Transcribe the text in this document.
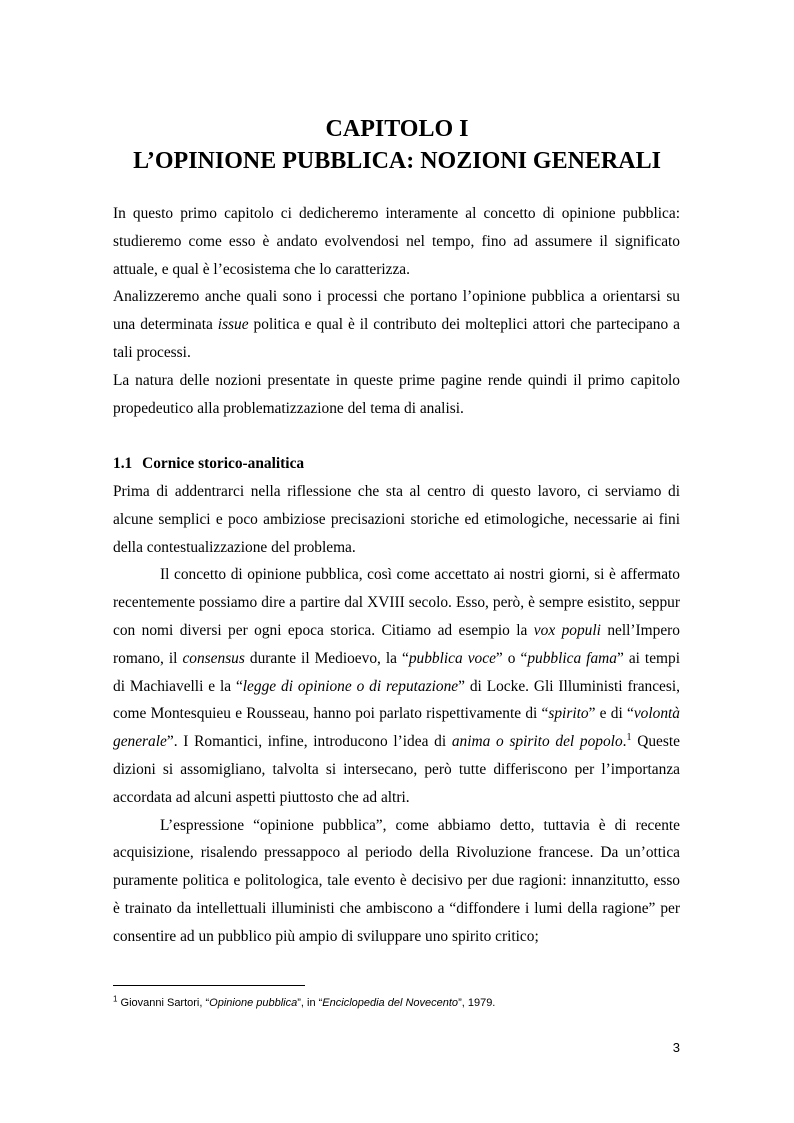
CAPITOLO I
L’OPINIONE PUBBLICA: NOZIONI GENERALI

In questo primo capitolo ci dedicheremo interamente al concetto di opinione pubblica: studieremo come esso è andato evolvendosi nel tempo, fino ad assumere il significato attuale, e qual è l’ecosistema che lo caratterizza.

Analizzeremo anche quali sono i processi che portano l’opinione pubblica a orientarsi su una determinata issue politica e qual è il contributo dei molteplici attori che partecipano a tali processi.

La natura delle nozioni presentate in queste prime pagine rende quindi il primo capitolo propedeutico alla problematizzazione del tema di analisi.

1.1 Cornice storico-analitica

Prima di addentrarci nella riflessione che sta al centro di questo lavoro, ci serviamo di alcune semplici e poco ambiziose precisazioni storiche ed etimologiche, necessarie ai fini della contestualizzazione del problema.

Il concetto di opinione pubblica, così come accettato ai nostri giorni, si è affermato recentemente possiamo dire a partire dal XVIII secolo. Esso, però, è sempre esistito, seppur con nomi diversi per ogni epoca storica. Citiamo ad esempio la vox populi nell’Impero romano, il consensus durante il Medioevo, la “pubblica voce” o “pubblica fama” ai tempi di Machiavelli e la “legge di opinione o di reputazione” di Locke. Gli Illuministi francesi, come Montesquieu e Rousseau, hanno poi parlato rispettivamente di “spirito” e di “volontà generale”. I Romantici, infine, introducono l’idea di anima o spirito del popolo.$^1$ Queste dizioni si assomigliano, talvolta si intersecano, però tutte differiscono per l’importanza accordata ad alcuni aspetti piuttosto che ad altri.

L’espressione “opinione pubblica”, come abbiamo detto, tuttavia è di recente acquisizione, risalendo pressappoco al periodo della Rivoluzione francese. Da un’ottica puramente politica e politologica, tale evento è decisivo per due ragioni: innanzitutto, esso è trainato da intellettuali illuministi che ambiscono a “diffondere i lumi della ragione” per consentire ad un pubblico più ampio di sviluppare uno spirito critico;

$^1$ Giovanni Sartori, “Opinione pubblica”, in “Enciclopedia del Novecento”, 1979.
3
